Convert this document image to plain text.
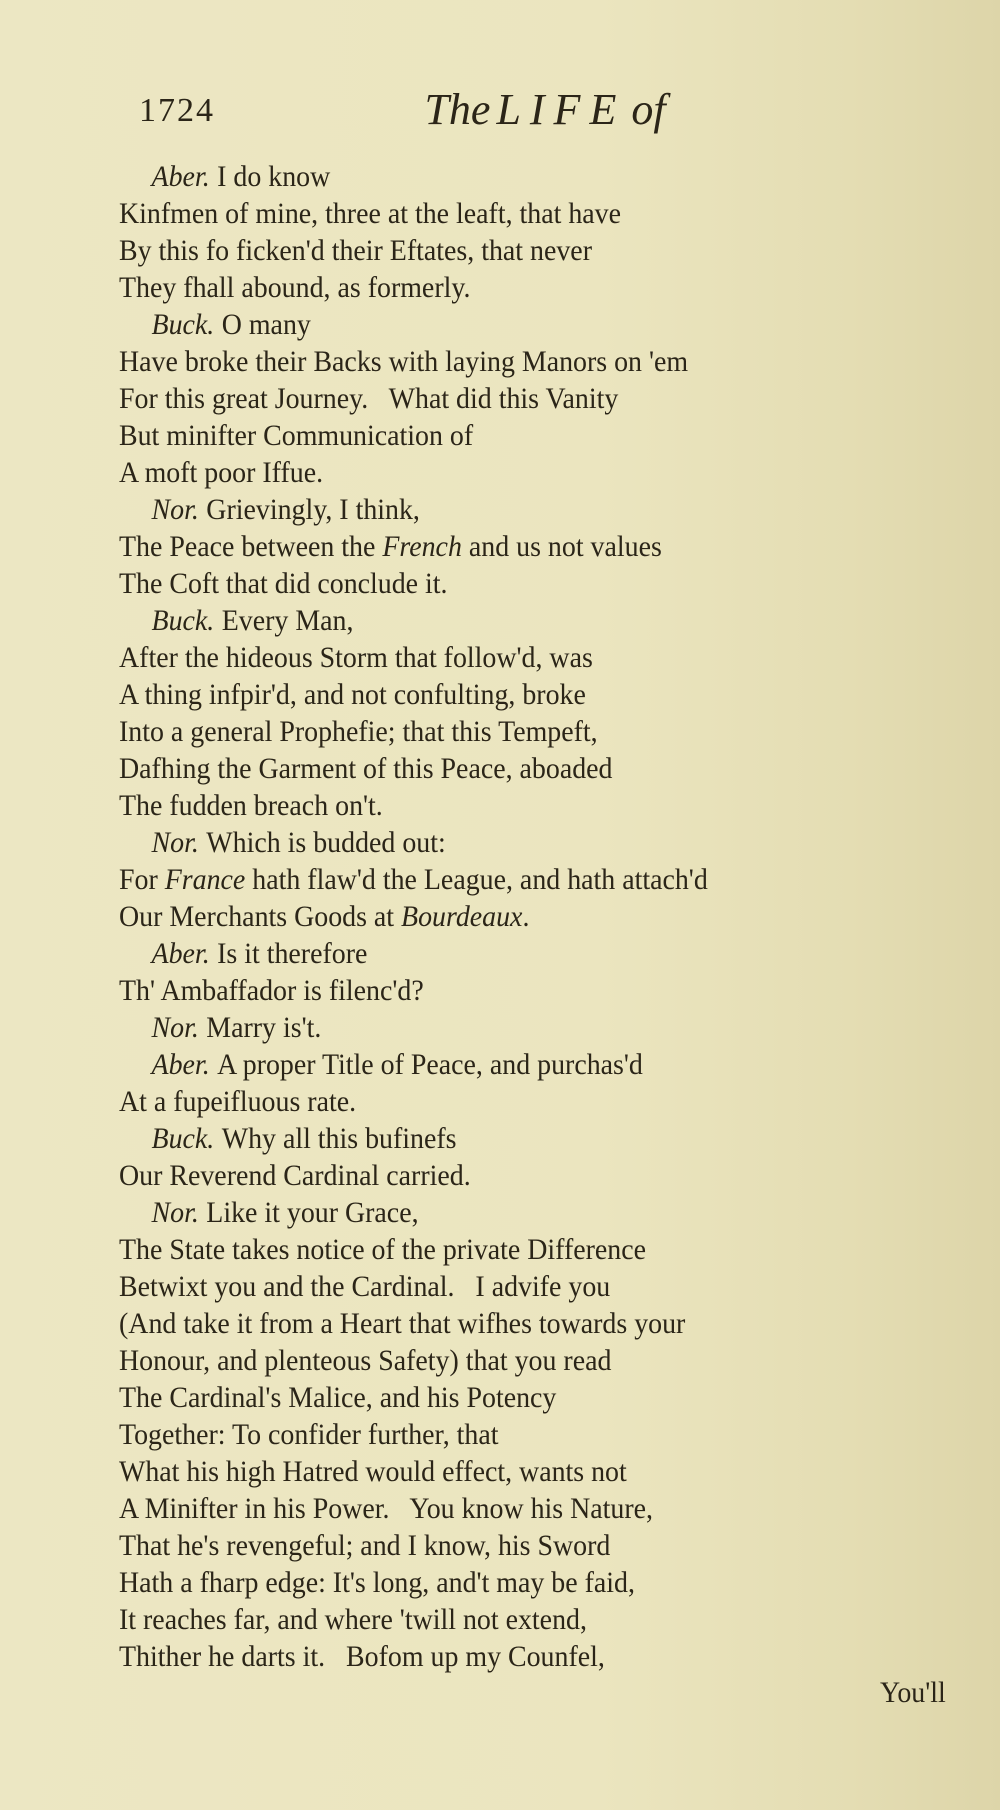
1724	The LIFE of
Aber. I do know
Kinfmen of mine, three at the leaft, that have
By this fo ficken'd their Eftates, that never
They fhall abound, as formerly.
Buck. O many
Have broke their Backs with laying Manors on 'em
For this great Journey.   What did this Vanity
But minifter Communication of
A moft poor Iffue.
Nor. Grievingly, I think,
The Peace between the French and us not values
The Coft that did conclude it.
Buck. Every Man,
After the hideous Storm that follow'd, was
A thing infpir'd, and not confulting, broke
Into a general Prophefie; that this Tempeft,
Dafhing the Garment of this Peace, aboaded
The fudden breach on't.
Nor. Which is budded out:
For France hath flaw'd the League, and hath attach'd
Our Merchants Goods at Bourdeaux.
Aber. Is it therefore
Th' Ambaffador is filenc'd?
Nor. Marry is't.
Aber. A proper Title of Peace, and purchas'd
At a fupeifluous rate.
Buck. Why all this bufinefs
Our Reverend Cardinal carried.
Nor. Like it your Grace,
The State takes notice of the private Difference
Betwixt you and the Cardinal.   I advife you
(And take it from a Heart that wifhes towards your
Honour, and plenteous Safety) that you read
The Cardinal's Malice, and his Potency
Together: To confider further, that
What his high Hatred would effect, wants not
A Minifter in his Power.   You know his Nature,
That he's revengeful; and I know, his Sword
Hath a fharp edge: It's long, and't may be faid,
It reaches far, and where 'twill not extend,
Thither he darts it.   Bofom up my Counfel,
You'll
